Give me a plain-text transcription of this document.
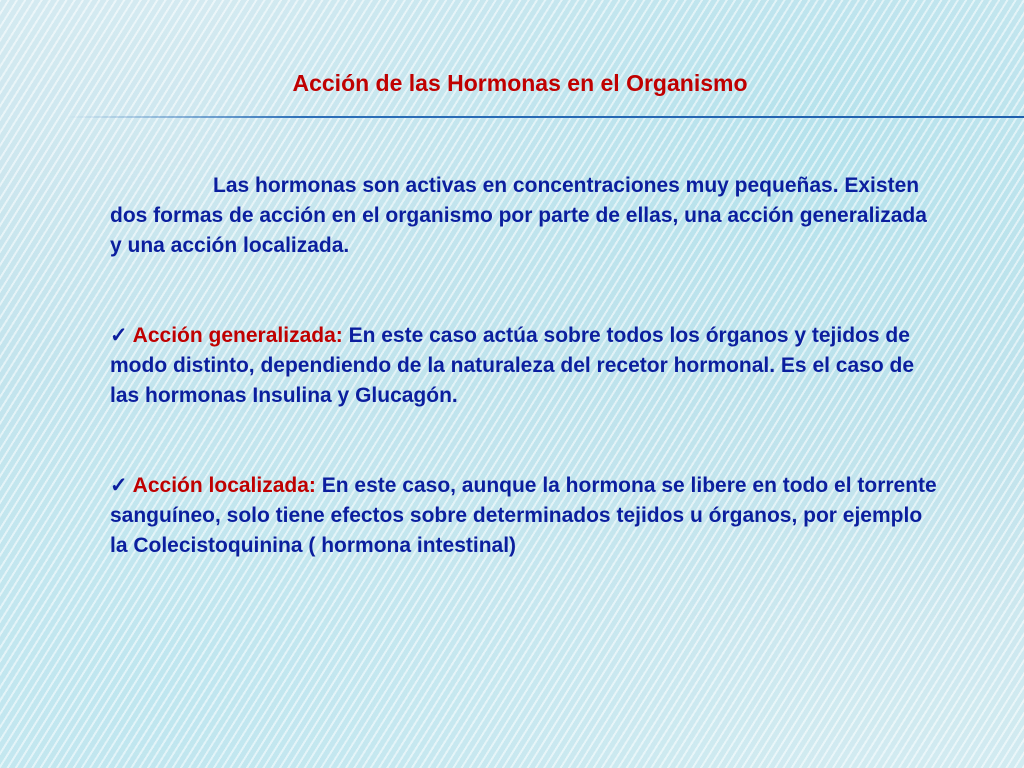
Acción de las Hormonas en el Organismo

Las hormonas son activas en concentraciones muy pequeñas. Existen dos formas de acción en el organismo por parte de ellas, una acción generalizada y una acción localizada.

✓ Acción generalizada: En este caso actúa sobre todos los órganos y tejidos de modo distinto, dependiendo de la naturaleza del recetor hormonal. Es el caso de las hormonas Insulina y Glucagón.

✓ Acción localizada: En este caso, aunque la hormona se libere en todo el torrente sanguíneo, solo tiene efectos sobre determinados tejidos u órganos, por ejemplo la Colecistoquinina ( hormona intestinal)
